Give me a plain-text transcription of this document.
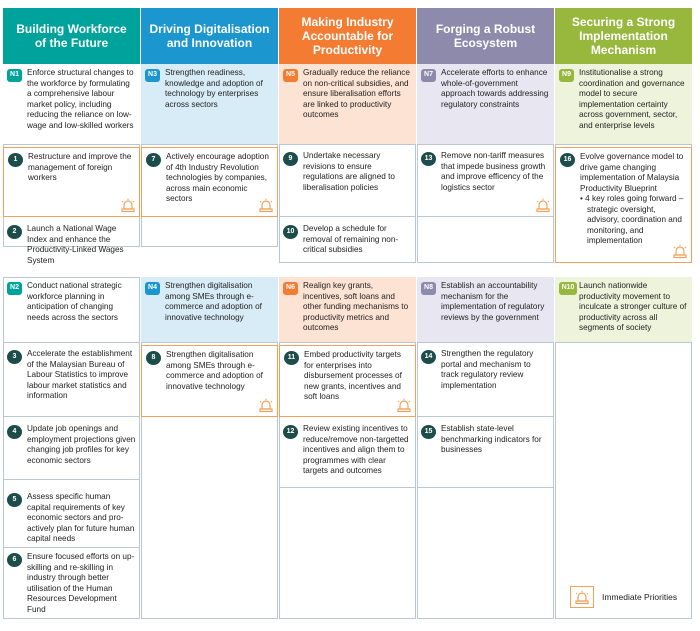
Building Workforce of the Future
N1 Enforce structural changes to the workforce by formulating a comprehensive labour market policy, including reducing the reliance on low-wage and low-skilled workers
1	Restructure and improve the management of foreign workers
2	Launch a National Wage Index and enhance the Productivity-Linked Wages System
N2 Conduct national strategic workforce planning in anticipation of changing needs across the sectors
3	Accelerate the establishment of the Malaysian Bureau of Labour Statistics to improve labour market statistics and information
4	Update job openings and employment projections given changing job profiles for key economic sectors
5	Assess specific human capital requirements of key economic sectors and pro-actively plan for future human capital needs
6	Ensure focused efforts on up-skilling and re-skilling in industry through better utilisation of the Human Resources Development Fund
Driving Digitalisation and Innovation
N3 Strengthen readiness, knowledge and adoption of technology by enterprises across sectors
7	Actively encourage adoption of 4th Industry Revolution technologies by companies, across main economic sectors
N4 Strengthen digitalisation among SMEs through e-commerce and adoption of innovative technology
8	Strengthen digitalisation among SMEs through e-commerce and adoption of innovative technology
Making Industry Accountable for Productivity
N5 Gradually reduce the reliance on non-critical subsidies, and ensure liberalisation efforts are linked to productivity outcomes
9	Undertake necessary revisions to ensure regulations are aligned to liberalisation policies
10	Develop a schedule for removal of remaining non-critical subsidies
N6 Realign key grants, incentives, soft loans and other funding mechanisms to productivity metrics and outcomes
11	Embed productivity targets for enterprises into disbursement processes of new grants, incentives and soft loans
12	Review existing incentives to reduce/remove non-targetted incentives and align them to programmes with clear targets and outcomes
Forging a Robust Ecosystem
N7 Accelerate efforts to enhance whole-of-government approach towards addressing regulatory constraints
13	Remove non-tariff measures that impede business growth and improve efficency of the logistics sector
N8 Establish an accountability mechanism for the implementation of regulatory reviews by the government
14	Strengthen the regulatory portal and mechanism to track regulatory review implementation
15	Establish state-level benchmarking indicators for businesses
Securing a Strong Implementation Mechanism
N9 Institutionalise a strong coordination and governance model to secure implementation certainty across government, sector, and enterprise levels
16	Evolve governance model to drive game changing implementation of Malaysia Productivity Blueprint
• 4 key roles going forward – strategic oversight, advisory, coordination and monitoring, and implementation
N10 Launch nationwide productivity movement to inculcate a stronger culture of productivity across all segments of society
Immediate Priorities
